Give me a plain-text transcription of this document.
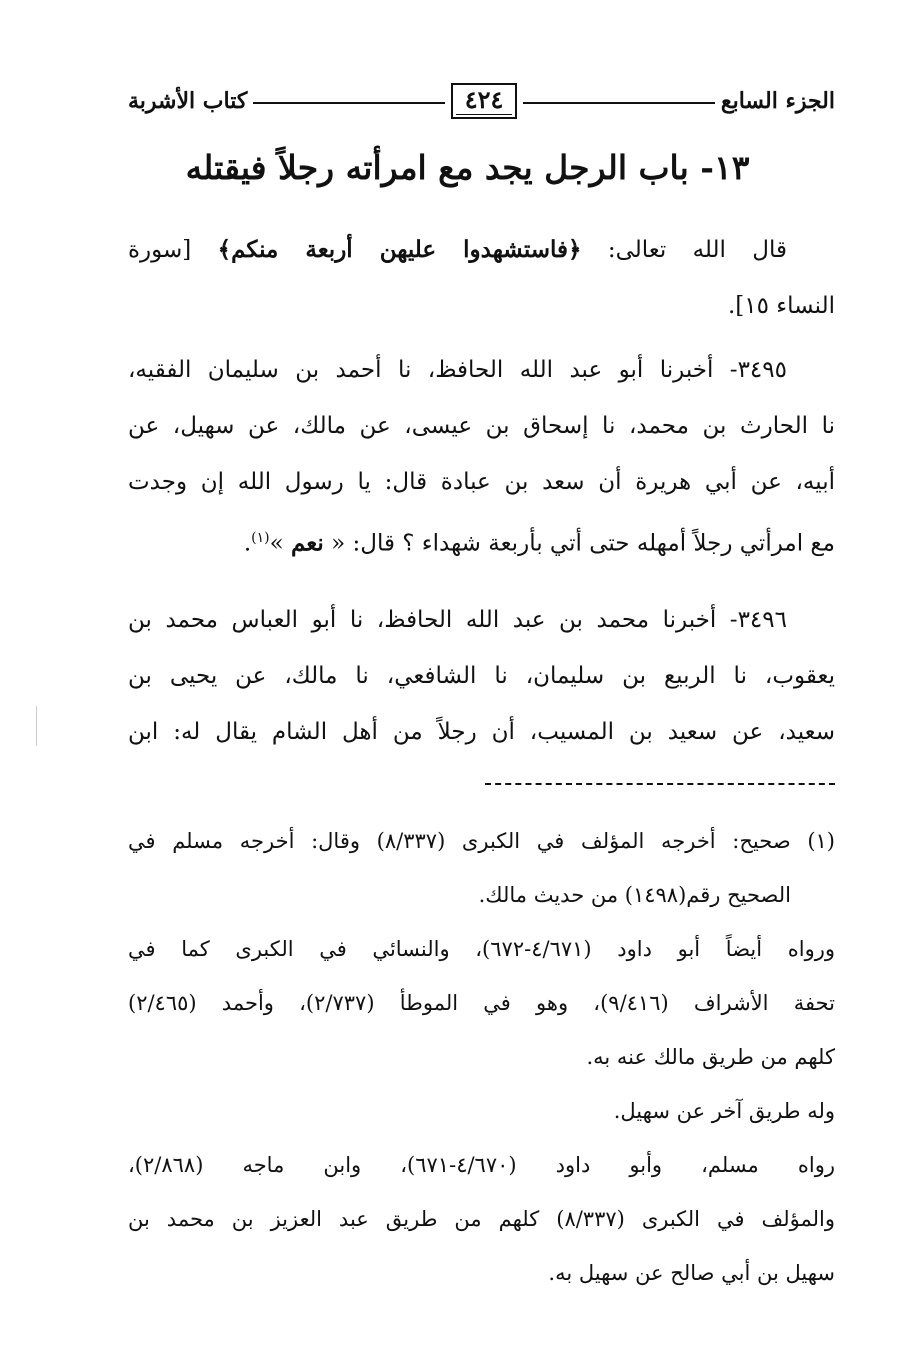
الجزء السابع
٤٢٤
كتاب الأشربة
١٣- باب الرجل يجد مع امرأته رجلاً فيقتله
قال الله تعالى: ﴿فاستشهدوا عليهن أربعة منكم﴾ [سورة
النساء ١٥].
٣٤٩٥- أخبرنا أبو عبد الله الحافظ، نا أحمد بن سليمان الفقيه،
نا الحارث بن محمد، نا إسحاق بن عيسى، عن مالك، عن سهيل، عن
أبيه، عن أبي هريرة أن سعد بن عبادة قال: يا رسول الله إن وجدت
مع امرأتي رجلاً أمهله حتى أتي بأربعة شهداء ؟ قال: « نعم »$^{(١)}$.
٣٤٩٦- أخبرنا محمد بن عبد الله الحافظ، نا أبو العباس محمد بن
يعقوب، نا الربيع بن سليمان، نا الشافعي، نا مالك، عن يحيى بن
سعيد، عن سعيد بن المسيب، أن رجلاً من أهل الشام يقال له: ابن
(١) صحيح: أخرجه المؤلف في الكبرى (٨/٣٣٧) وقال: أخرجه مسلم في
الصحيح رقم(١٤٩٨) من حديث مالك.
ورواه أيضاً أبو داود (٤/٦٧١-٦٧٢)، والنسائي في الكبرى كما في
تحفة الأشراف (٩/٤١٦)، وهو في الموطأ (٢/٧٣٧)، وأحمد (٢/٤٦٥)
كلهم من طريق مالك عنه به.
وله طريق آخر عن سهيل.
رواه مسلم، وأبو داود (٤/٦٧٠-٦٧١)، وابن ماجه (٢/٨٦٨)،
والمؤلف في الكبرى (٨/٣٣٧) كلهم من طريق عبد العزيز بن محمد بن
سهيل بن أبي صالح عن سهيل به.
